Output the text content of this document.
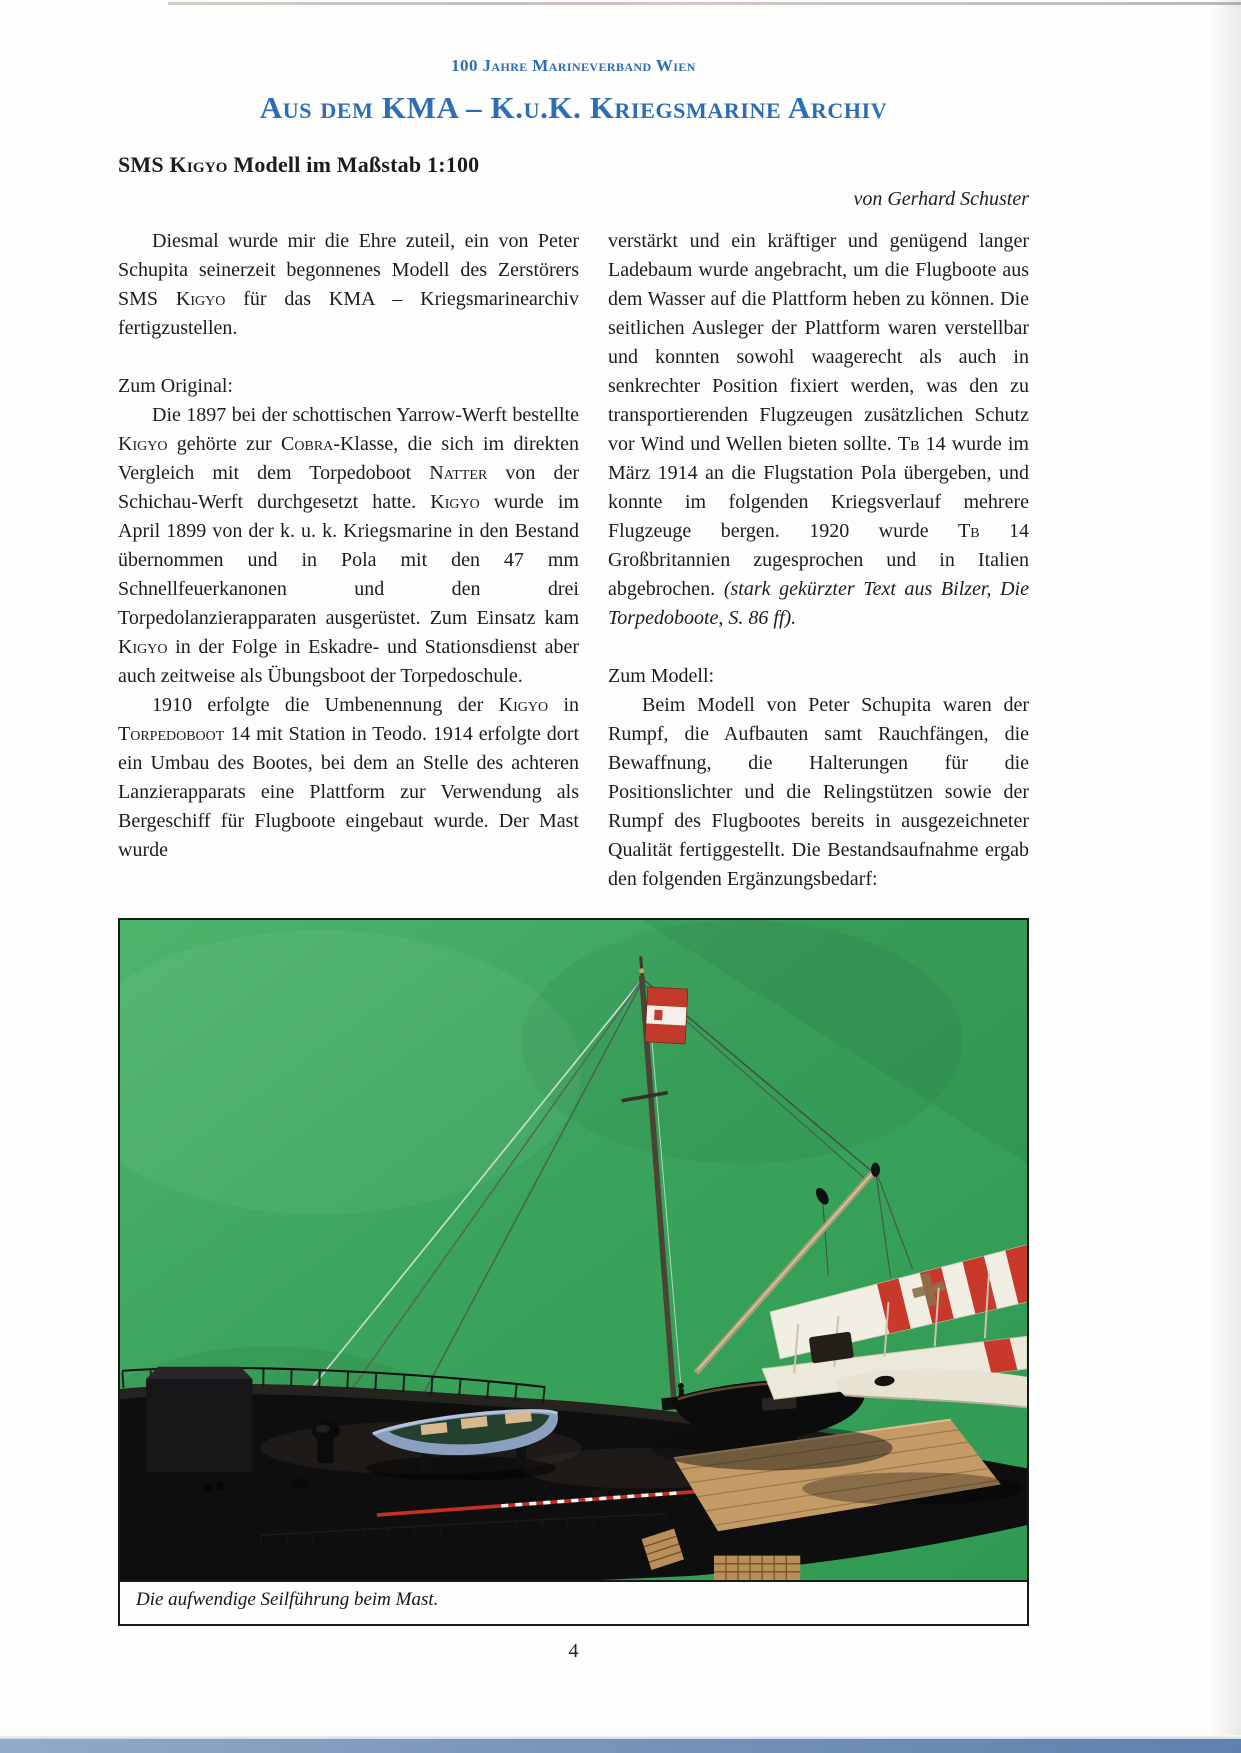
100 Jahre Marineverband Wien
Aus dem KMA – K.u.K. Kriegsmarine Archiv
SMS Kigyo Modell im Maßstab 1:100
von Gerhard Schuster

Diesmal wurde mir die Ehre zuteil, ein von Peter Schupita seinerzeit begonnenes Modell des Zerstörers SMS Kigyo für das KMA – Kriegsmarinearchiv fertigzustellen.

Zum Original:

Die 1897 bei der schottischen Yarrow-Werft bestellte Kigyo gehörte zur Cobra-Klasse, die sich im direkten Vergleich mit dem Torpedoboot Natter von der Schichau-Werft durchgesetzt hatte. Kigyo wurde im April 1899 von der k. u. k. Kriegsmarine in den Bestand übernommen und in Pola mit den 47 mm Schnellfeuerkanonen und den drei Torpedolanzierapparaten ausgerüstet. Zum Einsatz kam Kigyo in der Folge in Eskadre- und Stationsdienst aber auch zeitweise als Übungsboot der Torpedoschule.

1910 erfolgte die Umbenennung der Kigyo in Torpedoboot 14 mit Station in Teodo. 1914 erfolgte dort ein Umbau des Bootes, bei dem an Stelle des achteren Lanzierapparats eine Plattform zur Verwendung als Bergeschiff für Flugboote eingebaut wurde. Der Mast wurde

verstärkt und ein kräftiger und genügend langer Ladebaum wurde angebracht, um die Flugboote aus dem Wasser auf die Plattform heben zu können. Die seitlichen Ausleger der Plattform waren verstellbar und konnten sowohl waagerecht als auch in senkrechter Position fixiert werden, was den zu transportierenden Flugzeugen zusätzlichen Schutz vor Wind und Wellen bieten sollte. Tb 14 wurde im März 1914 an die Flugstation Pola übergeben, und konnte im folgenden Kriegsverlauf mehrere Flugzeuge bergen. 1920 wurde Tb 14 Großbritannien zugesprochen und in Italien abgebrochen. (stark gekürzter Text aus Bilzer, Die Torpedoboote, S. 86 ff).

Zum Modell:

Beim Modell von Peter Schupita waren der Rumpf, die Aufbauten samt Rauchfängen, die Bewaffnung, die Halterungen für die Positionslichter und die Relingstützen sowie der Rumpf des Flugbootes bereits in ausgezeichneter Qualität fertiggestellt. Die Bestandsaufnahme ergab den folgenden Ergänzungsbedarf:

Die aufwendige Seilführung beim Mast.
4
